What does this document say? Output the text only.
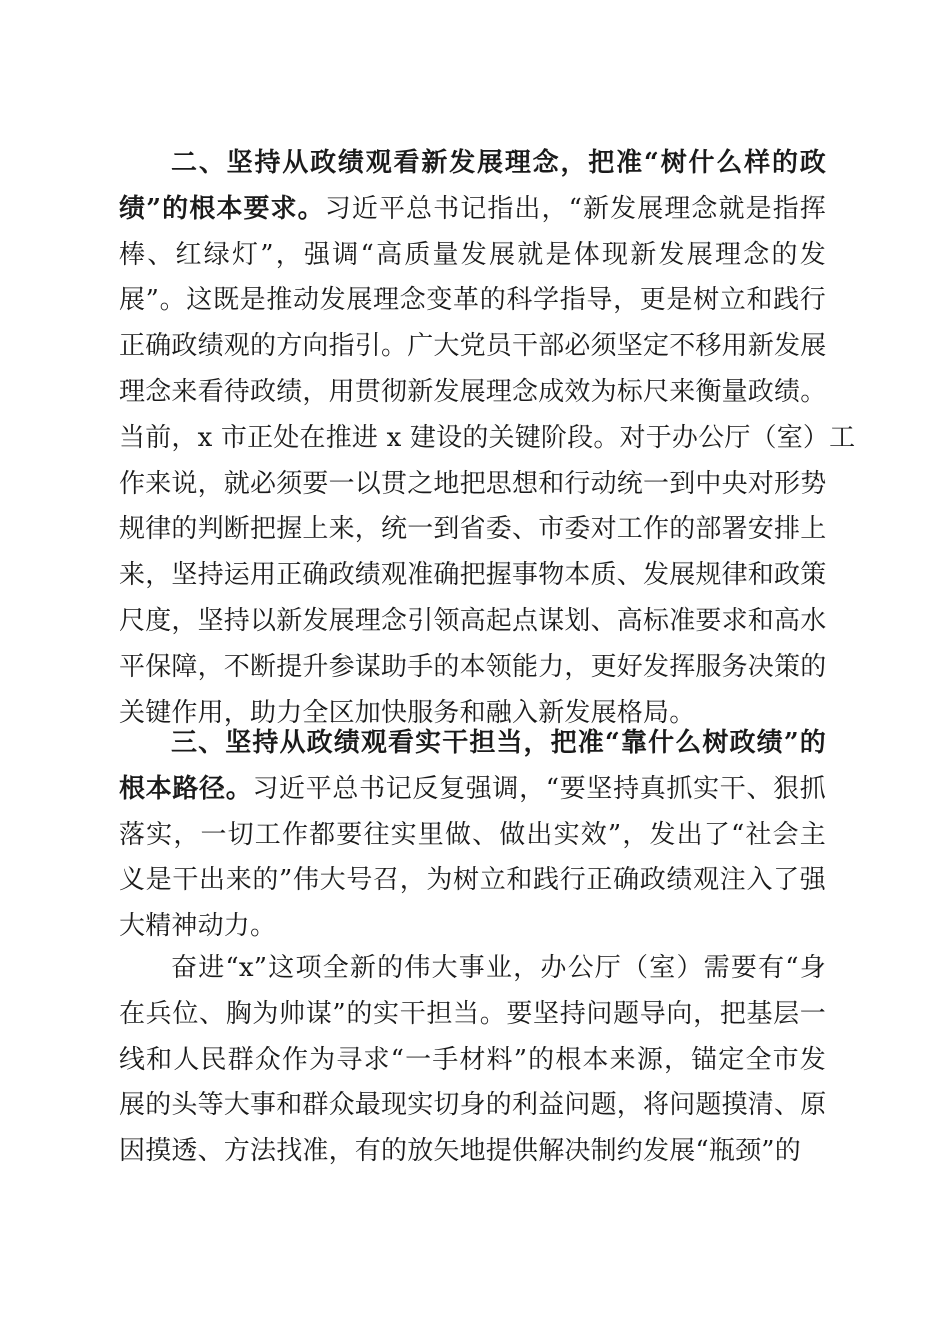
二、坚持从政绩观看新发展理念，把准“树什么样的政
绩”的根本要求。习近平总书记指出，“新发展理念就是指挥
棒、红绿灯”，强调“高质量发展就是体现新发展理念的发
展”。这既是推动发展理念变革的科学指导，更是树立和践行
正确政绩观的方向指引。广大党员干部必须坚定不移用新发展
理念来看待政绩，用贯彻新发展理念成效为标尺来衡量政绩。
当前，x 市正处在推进 x 建设的关键阶段。对于办公厅（室）工
作来说，就必须要一以贯之地把思想和行动统一到中央对形势
规律的判断把握上来，统一到省委、市委对工作的部署安排上
来，坚持运用正确政绩观准确把握事物本质、发展规律和政策
尺度，坚持以新发展理念引领高起点谋划、高标准要求和高水
平保障，不断提升参谋助手的本领能力，更好发挥服务决策的
关键作用，助力全区加快服务和融入新发展格局。
三、坚持从政绩观看实干担当，把准“靠什么树政绩”的
根本路径。习近平总书记反复强调，“要坚持真抓实干、狠抓
落实，一切工作都要往实里做、做出实效”，发出了“社会主
义是干出来的”伟大号召，为树立和践行正确政绩观注入了强
大精神动力。
奋进“x”这项全新的伟大事业，办公厅（室）需要有“身
在兵位、胸为帅谋”的实干担当。要坚持问题导向，把基层一
线和人民群众作为寻求“一手材料”的根本来源，锚定全市发
展的头等大事和群众最现实切身的利益问题，将问题摸清、原
因摸透、方法找准，有的放矢地提供解决制约发展“瓶颈”的
